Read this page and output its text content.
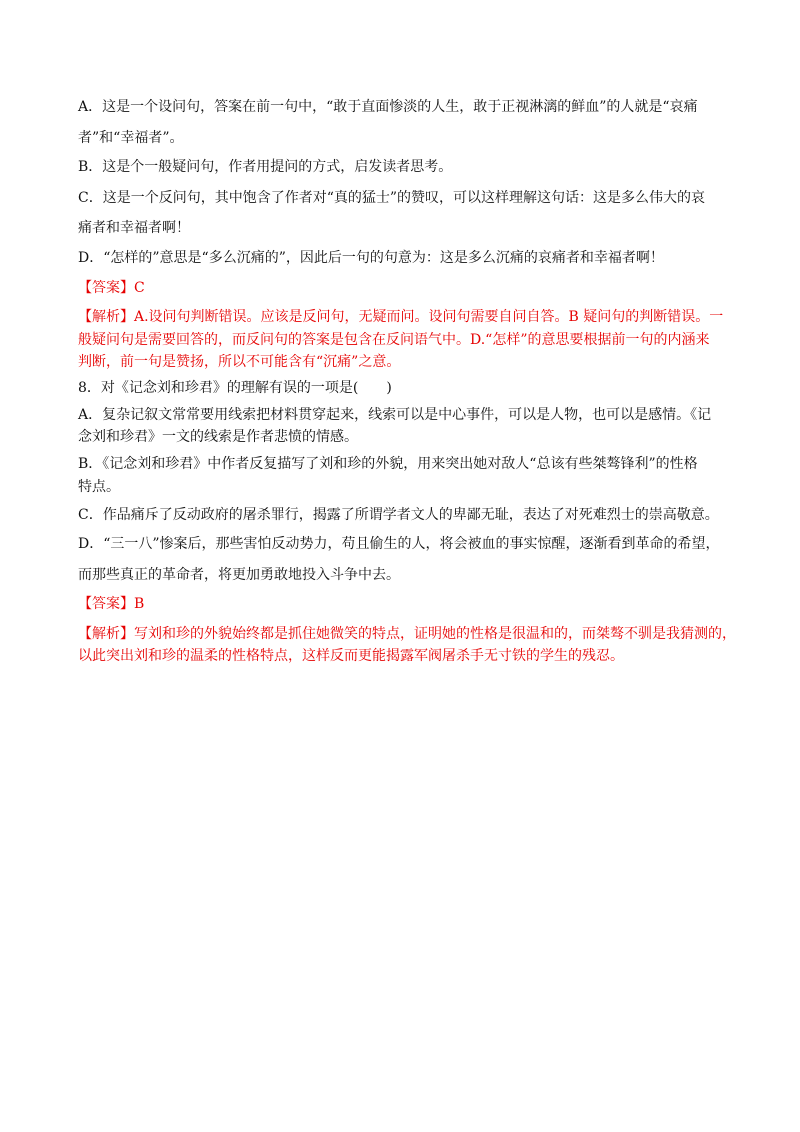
A．这是一个设问句，答案在前一句中，“敢于直面惨淡的人生，敢于正视淋漓的鲜血”的人就是“哀痛
者”和“幸福者”。
B．这是个一般疑问句，作者用提问的方式，启发读者思考。
C．这是一个反问句，其中饱含了作者对“真的猛士”的赞叹，可以这样理解这句话：这是多么伟大的哀
痛者和幸福者啊！
D．“怎样的”意思是“多么沉痛的”，因此后一句的句意为：这是多么沉痛的哀痛者和幸福者啊！
【答案】C
【解析】A.设问句判断错误。应该是反问句，无疑而问。设问句需要自问自答。B 疑问句的判断错误。一
般疑问句是需要回答的，而反问句的答案是包含在反问语气中。D.“怎样”的意思要根据前一句的内涵来
判断，前一句是赞扬，所以不可能含有“沉痛”之意。
8．对《记念刘和珍君》的理解有误的一项是(　　)
A．复杂记叙文常常要用线索把材料贯穿起来，线索可以是中心事件，可以是人物，也可以是感情。《记
念刘和珍君》一文的线索是作者悲愤的情感。
B．《记念刘和珍君》中作者反复描写了刘和珍的外貌，用来突出她对敌人“总该有些桀骜锋利”的性格
特点。
C．作品痛斥了反动政府的屠杀罪行，揭露了所谓学者文人的卑鄙无耻，表达了对死难烈士的崇高敬意。
D．“三一八”惨案后，那些害怕反动势力，苟且偷生的人，将会被血的事实惊醒，逐渐看到革命的希望，
而那些真正的革命者，将更加勇敢地投入斗争中去。
【答案】B
【解析】写刘和珍的外貌始终都是抓住她微笑的特点，证明她的性格是很温和的，而桀骜不驯是我猜测的，
以此突出刘和珍的温柔的性格特点，这样反而更能揭露军阀屠杀手无寸铁的学生的残忍。
